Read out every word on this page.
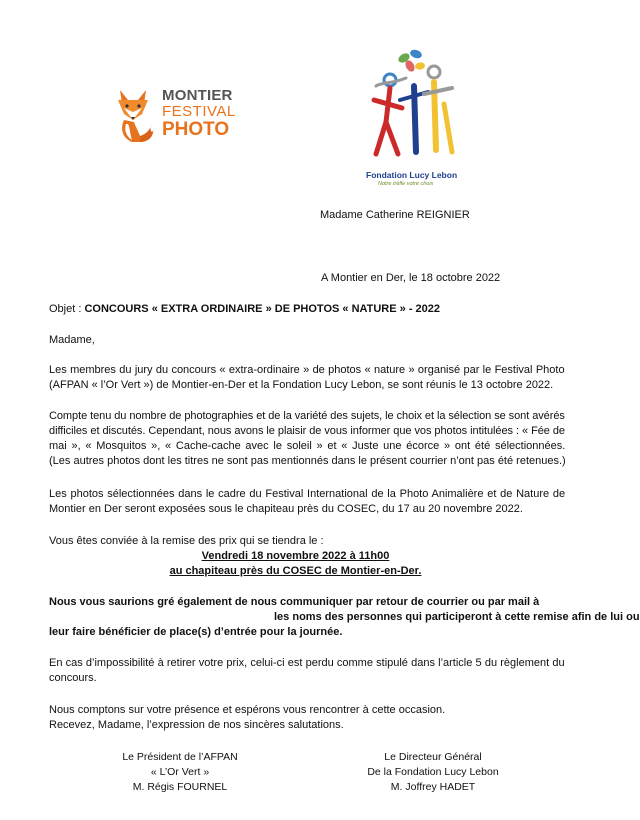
MONTIER
FESTIVAL
PHOTO
Fondation Lucy Lebon
Notre trèfle votre choix
Madame Catherine REIGNIER
A Montier en Der, le 18 octobre 2022
Objet : CONCOURS « EXTRA ORDINAIRE » DE PHOTOS « NATURE » - 2022
Madame,
Les membres du jury du concours « extra-ordinaire » de photos « nature » organisé par le Festival Photo
(AFPAN « l’Or Vert ») de Montier-en-Der et la Fondation Lucy Lebon, se sont réunis le 13 octobre 2022.
Compte tenu du nombre de photographies et de la variété des sujets, le choix et la sélection se sont avérés
difficiles et discutés. Cependant, nous avons le plaisir de vous informer que vos photos intitulées : « Fée de
mai », « Mosquitos », « Cache-cache avec le soleil » et « Juste une écorce » ont été sélectionnées.
(Les autres photos dont les titres ne sont pas mentionnés dans le présent courrier n’ont pas été retenues.)
Les photos sélectionnées dans le cadre du Festival International de la Photo Animalière et de Nature de
Montier en Der seront exposées sous le chapiteau près du COSEC, du 17 au 20 novembre 2022.
Vous êtes conviée à la remise des prix qui se tiendra le :
Vendredi 18 novembre 2022 à 11h00
au chapiteau près du COSEC de Montier-en-Der.
Nous vous saurions gré également de nous communiquer par retour de courrier ou par mail à
les noms des personnes qui participeront à cette remise afin de lui ou
leur faire bénéficier de place(s) d’entrée pour la journée.
En cas d’impossibilité à retirer votre prix, celui-ci est perdu comme stipulé dans l’article 5 du règlement du
concours.
Nous comptons sur votre présence et espérons vous rencontrer à cette occasion.
Recevez, Madame, l’expression de nos sincères salutations.
Le Président de l’AFPAN
« L’Or Vert »
M. Régis FOURNEL
Le Directeur Général
De la Fondation Lucy Lebon
M. Joffrey HADET
